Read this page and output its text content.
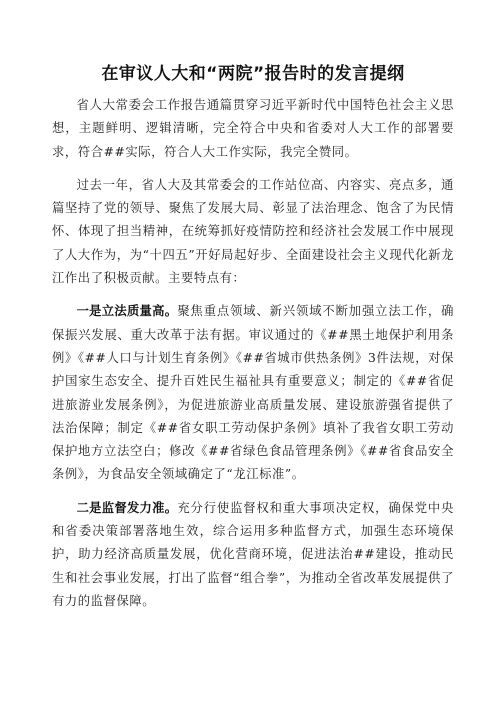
在审议人大和“两院”报告时的发言提纲

省人大常委会工作报告通篇贯穿习近平新时代中国特色社会主义思想，主题鲜明、逻辑清晰，完全符合中央和省委对人大工作的部署要求，符合##实际，符合人大工作实际，我完全赞同。

过去一年，省人大及其常委会的工作站位高、内容实、亮点多，通篇坚持了党的领导、聚焦了发展大局、彰显了法治理念、饱含了为民情怀、体现了担当精神，在统筹抓好疫情防控和经济社会发展工作中展现了人大作为，为“十四五”开好局起好步、全面建设社会主义现代化新龙江作出了积极贡献。主要特点有：

一是立法质量高。聚焦重点领域、新兴领域不断加强立法工作，确保振兴发展、重大改革于法有据。审议通过的《##黑土地保护利用条例》《##人口与计划生育条例》《##省城市供热条例》3件法规，对保护国家生态安全、提升百姓民生福祉具有重要意义；制定的《##省促进旅游业发展条例》，为促进旅游业高质量发展、建设旅游强省提供了法治保障；制定《##省女职工劳动保护条例》填补了我省女职工劳动保护地方立法空白；修改《##省绿色食品管理条例》《##省食品安全条例》，为食品安全领域确定了“龙江标准”。

二是监督发力准。充分行使监督权和重大事项决定权，确保党中央和省委决策部署落地生效，综合运用多种监督方式，加强生态环境保护，助力经济高质量发展，优化营商环境，促进法治##建设，推动民生和社会事业发展，打出了监督“组合拳”，为推动全省改革发展提供了有力的监督保障。
